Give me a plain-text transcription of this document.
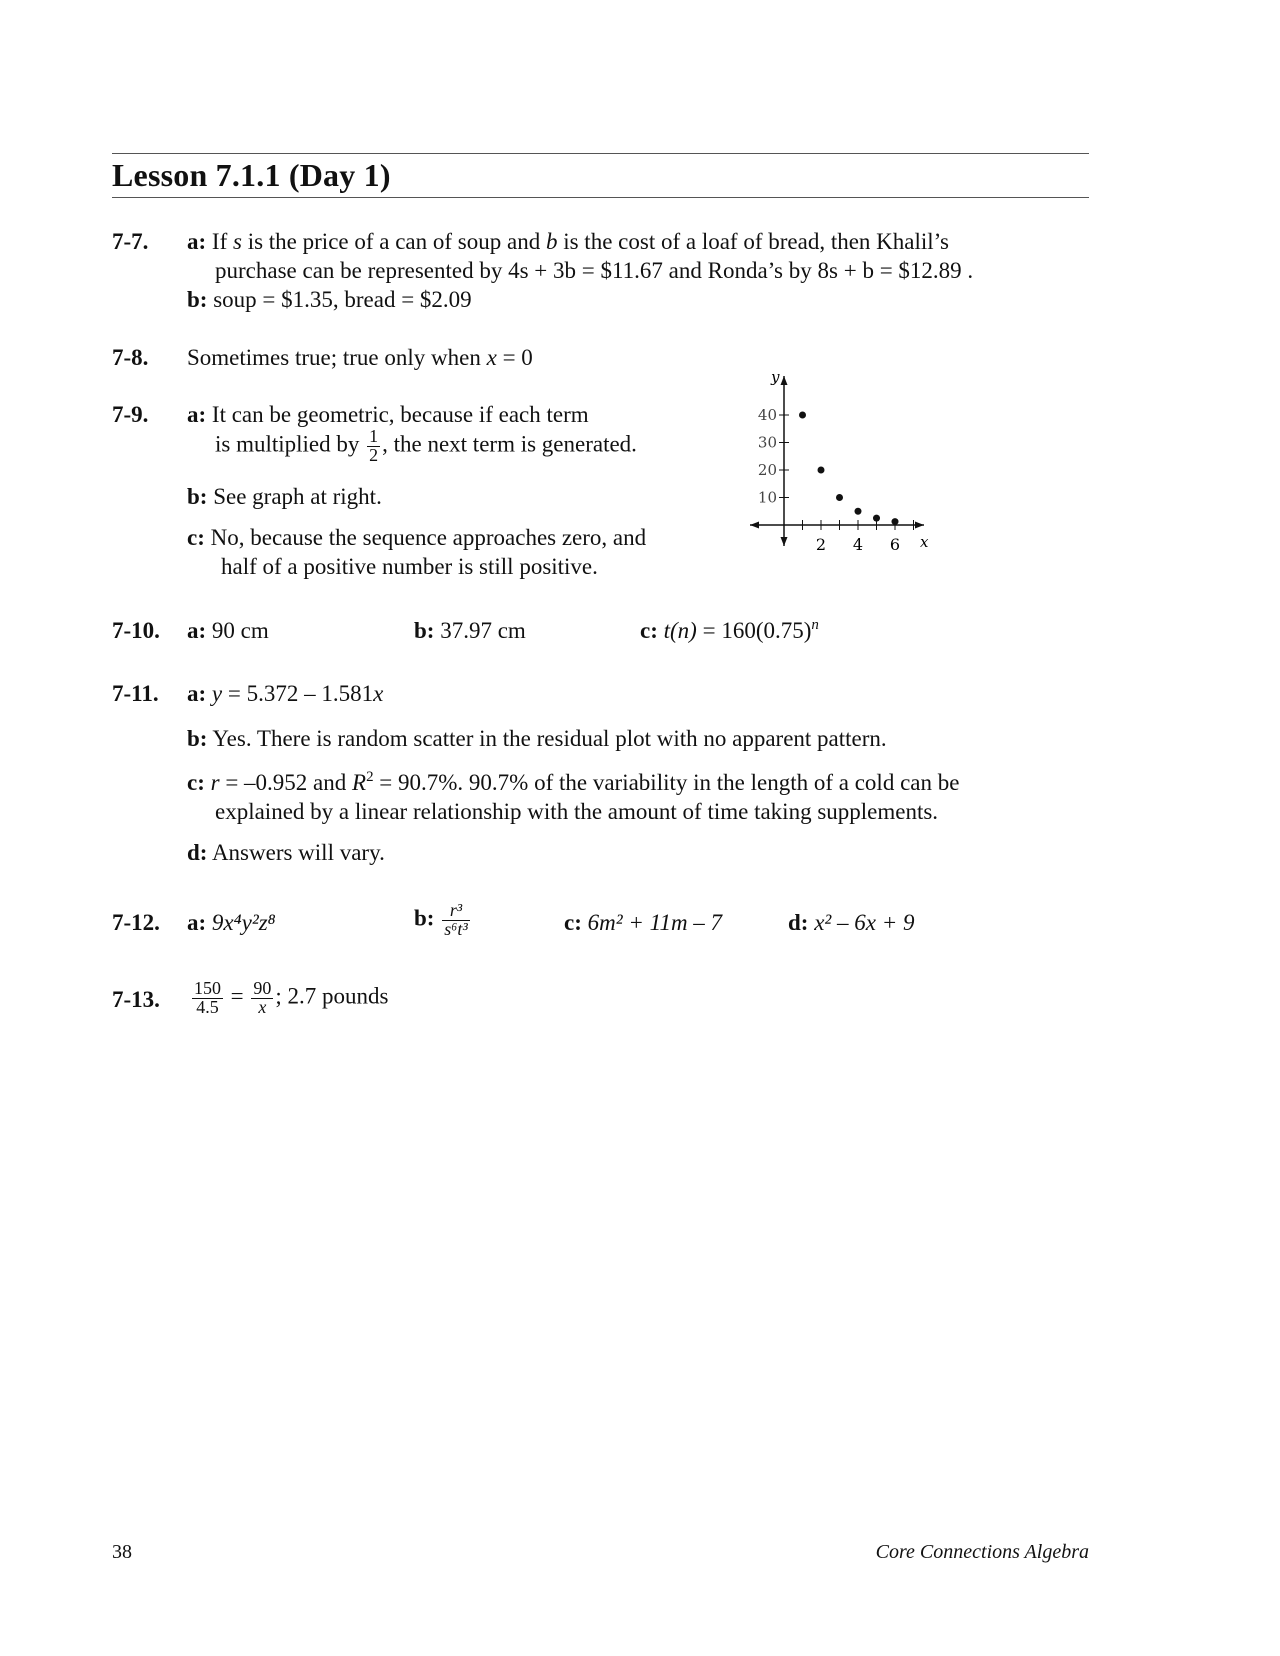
Lesson 7.1.1 (Day 1)
7-7. a: If s is the price of a can of soup and b is the cost of a loaf of bread, then Khalil’s
purchase can be represented by 4s + 3b = $11.67 and Ronda’s by 8s + b = $12.89 .
b: soup = $1.35, bread = $2.09
7-8. Sometimes true; true only when x = 0
7-9. a: It can be geometric, because if each term
is multiplied by $\frac{1}{2}$ , the next term is generated.
b: See graph at right.
c: No, because the sequence approaches zero, and
half of a positive number is still positive.
x
y
2 4 6
10
20
30
40
7-10. a: 90 cm	b: 37.97 cm	c: $t(n) = 160(0.75)^n$
7-11. a: y = 5.372 – 1.581x
b: Yes. There is random scatter in the residual plot with no apparent pattern.
c: r = –0.952 and $R^2 = 90.7\%$. 90.7% of the variability in the length of a cold can be
explained by a linear relationship with the amount of time taking supplements.
d: Answers will vary.
7-12. a: 9x⁴y²z⁸	b: $\frac{\text{r³}}{\text{s⁶t³}}$	c: 6m² + 11m – 7	d: x² – 6x + 9
7-13. $\frac{150}{4.5} = \frac{90}{x}$ ; 2.7 pounds
38	Core Connections Algebra
